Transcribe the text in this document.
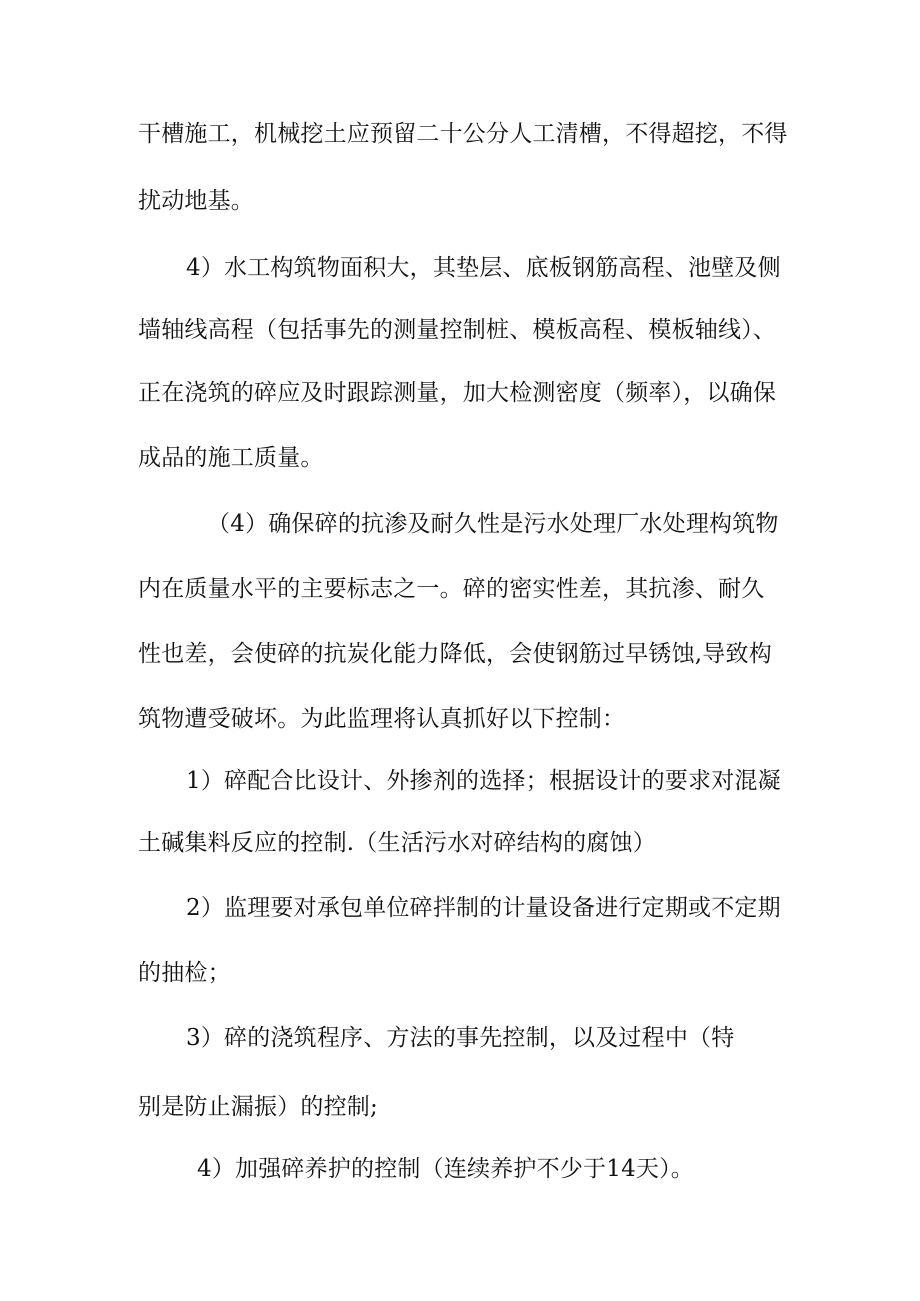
干槽施工，机械挖土应预留二十公分人工清槽，不得超挖，不得
扰动地基。
4）水工构筑物面积大，其垫层、底板钢筋高程、池壁及侧
墙轴线高程（包括事先的测量控制桩、模板高程、模板轴线）、
正在浇筑的碎应及时跟踪测量，加大检测密度（频率），以确保
成品的施工质量。
（4）确保碎的抗渗及耐久性是污水处理厂水处理构筑物
内在质量水平的主要标志之一。碎的密实性差，其抗渗、耐久
性也差，会使碎的抗炭化能力降低，会使钢筋过早锈蚀,导致构
筑物遭受破坏。为此监理将认真抓好以下控制：
1）碎配合比设计、外掺剂的选择；根据设计的要求对混凝
土碱集料反应的控制.（生活污水对碎结构的腐蚀）
2）监理要对承包单位碎拌制的计量设备进行定期或不定期
的抽检；
3）碎的浇筑程序、方法的事先控制，以及过程中（特
别是防止漏振）的控制;
4）加强碎养护的控制（连续养护不少于14天）。
